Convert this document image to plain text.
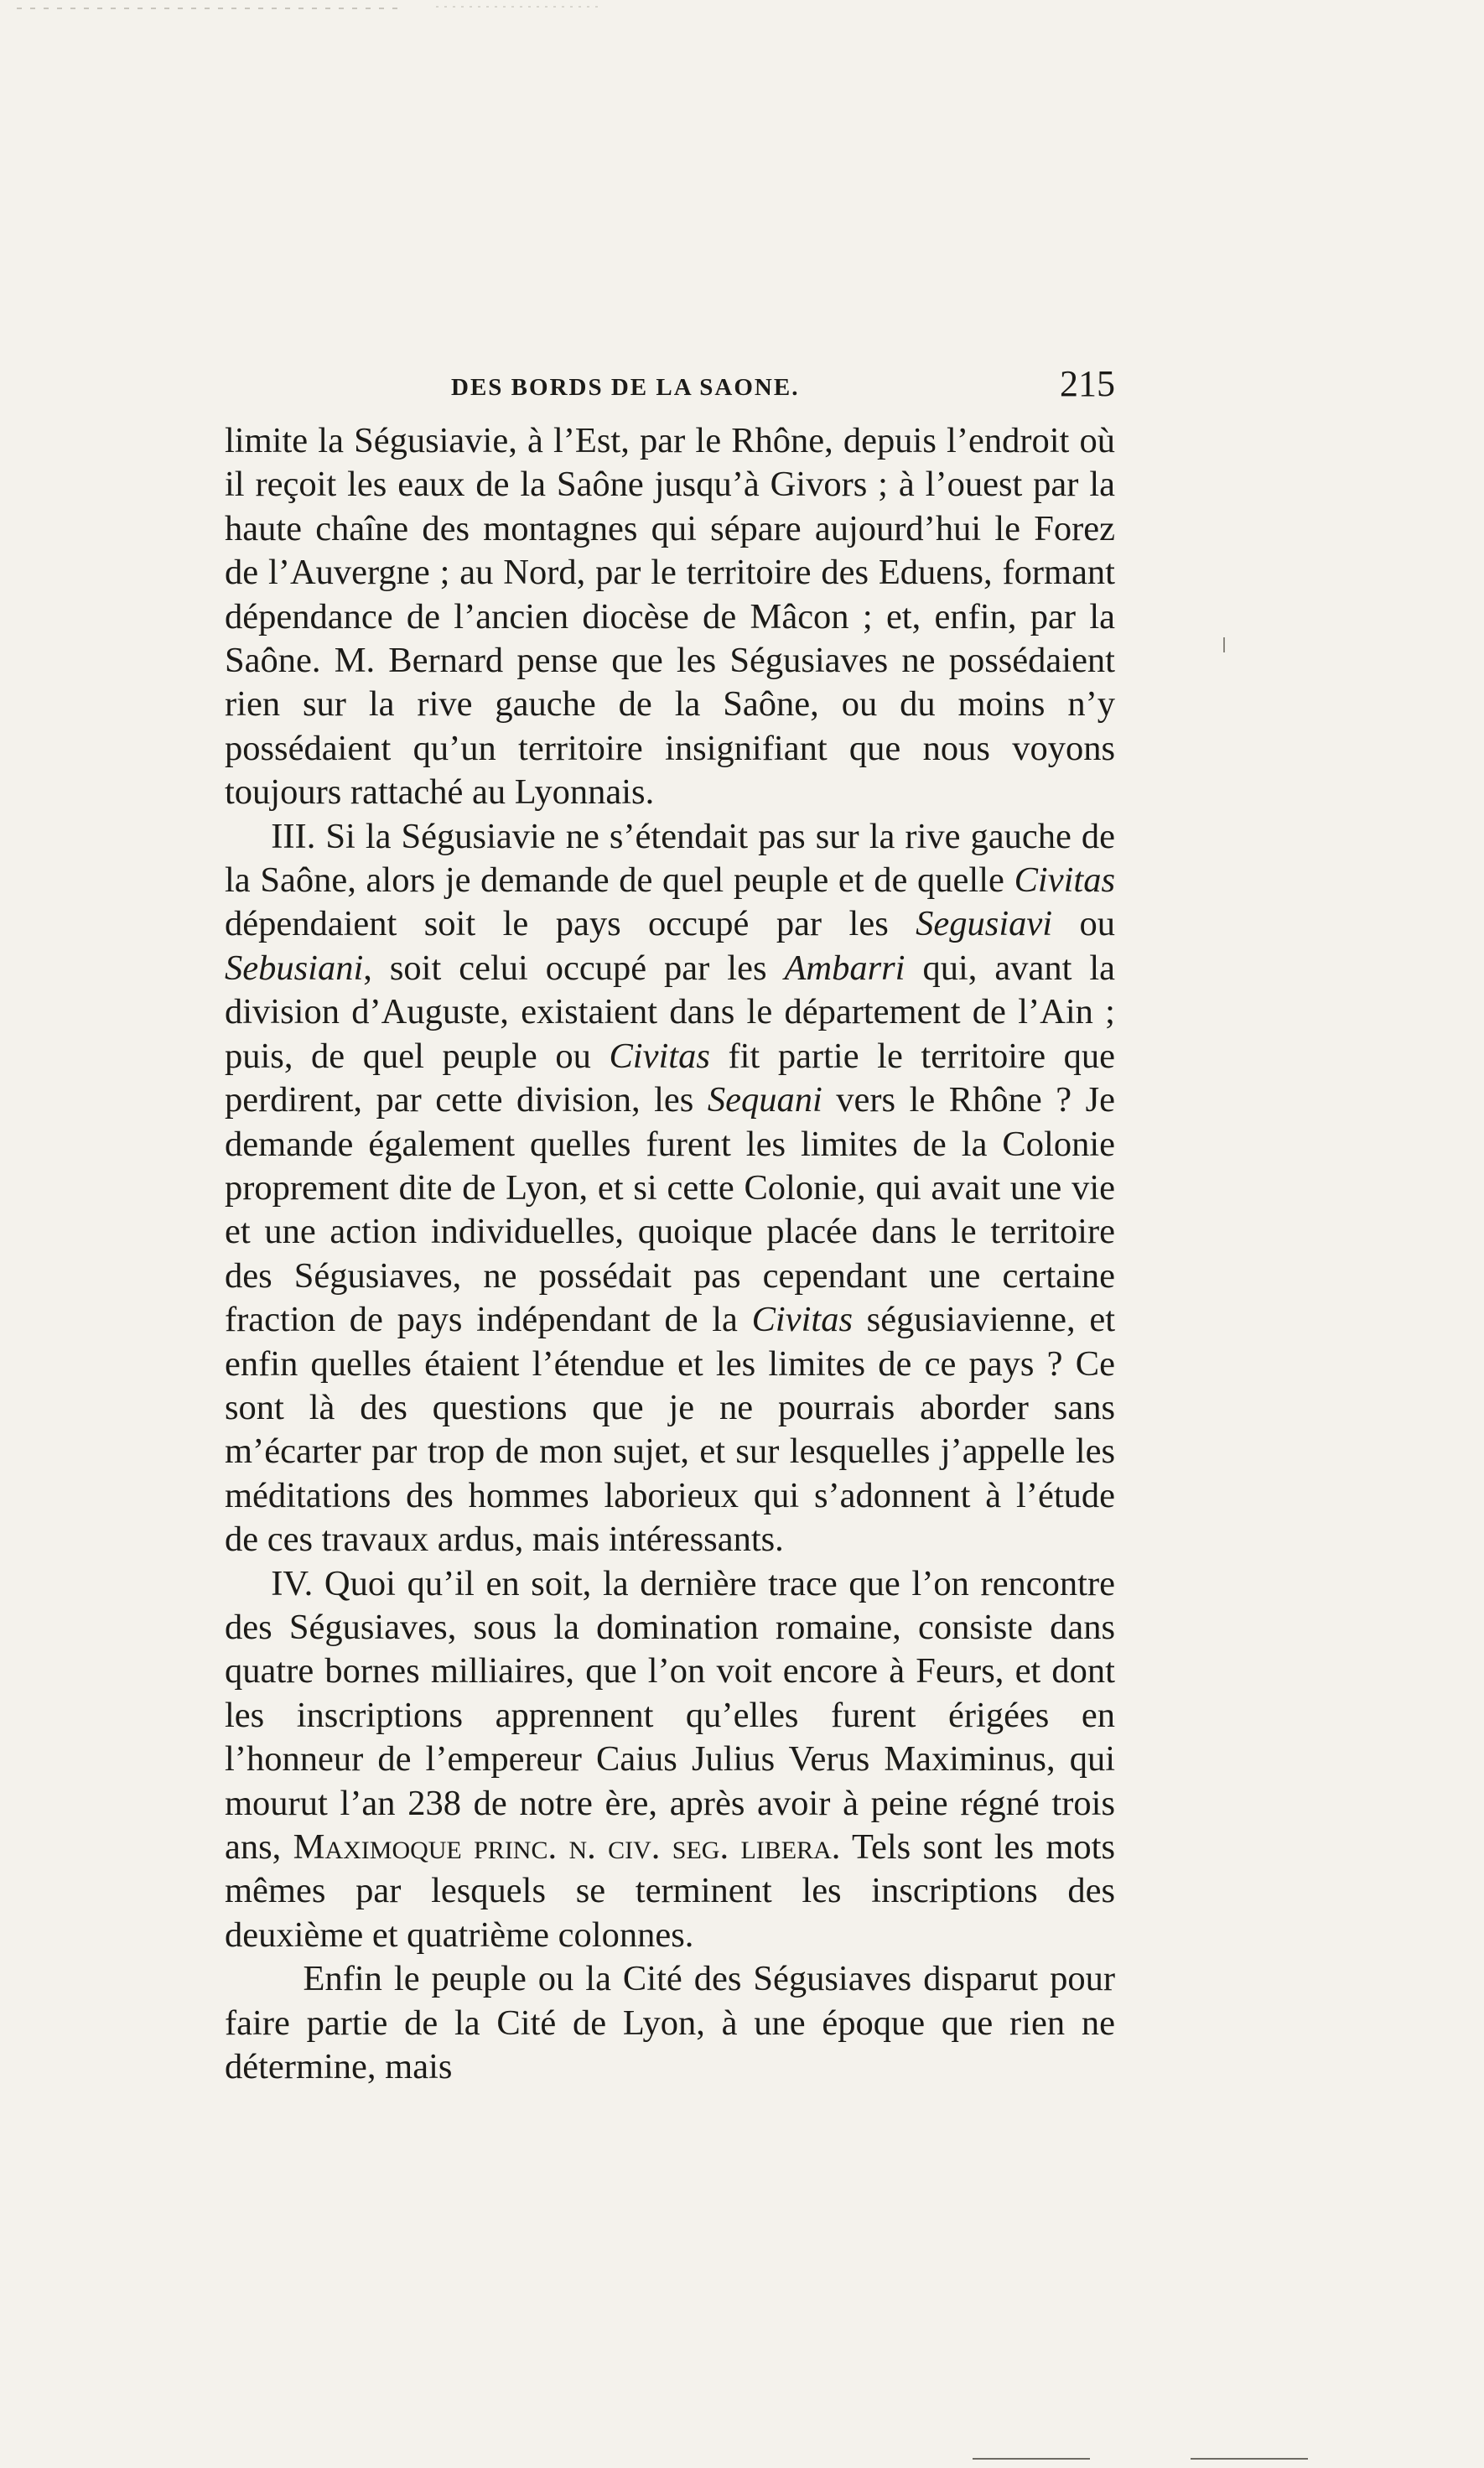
DES BORDS DE LA SAONE.	215

limite la Ségusiavie, à l’Est, par le Rhône, depuis l’endroit où il reçoit les eaux de la Saône jusqu’à Givors ; à l’ouest par la haute chaîne des montagnes qui sépare aujourd’hui le Forez de l’Auvergne ; au Nord, par le territoire des Eduens, formant dépendance de l’ancien diocèse de Mâcon ; et, enfin, par la Saône. M. Bernard pense que les Ségusiaves ne possédaient rien sur la rive gauche de la Saône, ou du moins n’y possédaient qu’un territoire insignifiant que nous voyons toujours rattaché au Lyonnais.

III. Si la Ségusiavie ne s’étendait pas sur la rive gauche de la Saône, alors je demande de quel peuple et de quelle Civitas dépendaient soit le pays occupé par les Segusiavi ou Sebusiani, soit celui occupé par les Ambarri qui, avant la division d’Auguste, existaient dans le département de l’Ain ; puis, de quel peuple ou Civitas fit partie le territoire que perdirent, par cette division, les Sequani vers le Rhône ? Je demande également quelles furent les limites de la Colonie proprement dite de Lyon, et si cette Colonie, qui avait une vie et une action individuelles, quoique placée dans le territoire des Ségusiaves, ne possédait pas cependant une certaine fraction de pays indépendant de la Civitas ségusiavienne, et enfin quelles étaient l’étendue et les limites de ce pays ? Ce sont là des questions que je ne pourrais aborder sans m’écarter par trop de mon sujet, et sur lesquelles j’appelle les méditations des hommes laborieux qui s’adonnent à l’étude de ces travaux ardus, mais intéressants.

IV. Quoi qu’il en soit, la dernière trace que l’on rencontre des Ségusiaves, sous la domination romaine, consiste dans quatre bornes milliaires, que l’on voit encore à Feurs, et dont les inscriptions apprennent qu’elles furent érigées en l’honneur de l’empereur Caius Julius Verus Maximinus, qui mourut l’an 238 de notre ère, après avoir à peine régné trois ans, Maximoque princ. n. civ. seg. libera. Tels sont les mots mêmes par lesquels se terminent les inscriptions des deuxième et quatrième colonnes.

Enfin le peuple ou la Cité des Ségusiaves disparut pour faire partie de la Cité de Lyon, à une époque que rien ne détermine, mais
